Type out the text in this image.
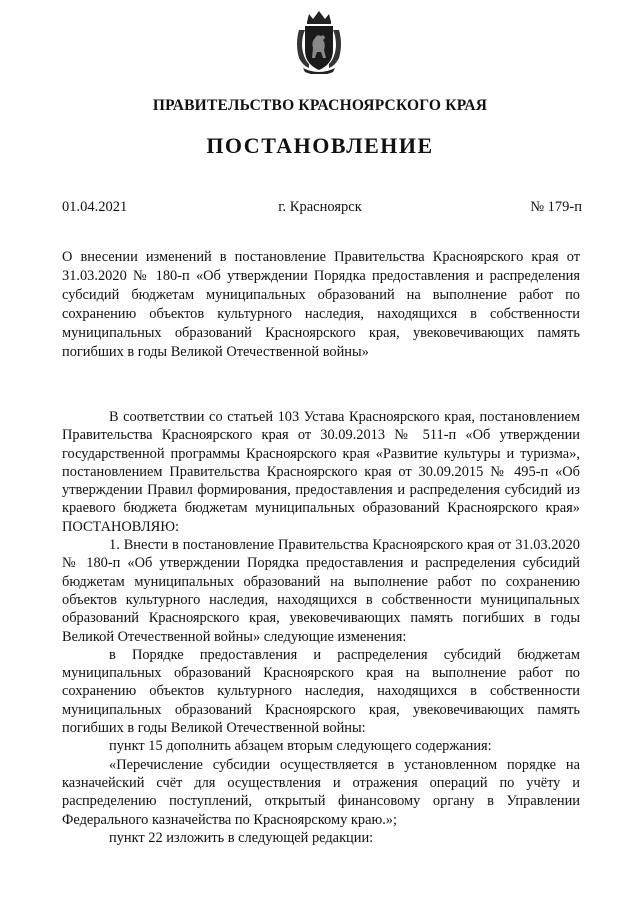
ПРАВИТЕЛЬСТВО КРАСНОЯРСКОГО КРАЯ
ПОСТАНОВЛЕНИЕ
01.04.2021	г. Красноярск	№ 179-п

О внесении изменений в постановление Правительства Красноярского края от 31.03.2020 № 180-п «Об утверждении Порядка предоставления и распределения субсидий бюджетам муниципальных образований на выполнение работ по сохранению объектов культурного наследия, находящихся в собственности муниципальных образований Красноярского края, увековечивающих память погибших в годы Великой Отечественной войны»

В соответствии со статьей 103 Устава Красноярского края, постановлением Правительства Красноярского края от 30.09.2013 № 511-п «Об утверждении государственной программы Красноярского края «Развитие культуры и туризма», постановлением Правительства Красноярского края от 30.09.2015 № 495-п «Об утверждении Правил формирования, предоставления и распределения субсидий из краевого бюджета бюджетам муниципальных образований Красноярского края» ПОСТАНОВЛЯЮ:

1. Внести в постановление Правительства Красноярского края от 31.03.2020 № 180-п «Об утверждении Порядка предоставления и распределения субсидий бюджетам муниципальных образований на выполнение работ по сохранению объектов культурного наследия, находящихся в собственности муниципальных образований Красноярского края, увековечивающих память погибших в годы Великой Отечественной войны» следующие изменения:

в Порядке предоставления и распределения субсидий бюджетам муниципальных образований Красноярского края на выполнение работ по сохранению объектов культурного наследия, находящихся в собственности муниципальных образований Красноярского края, увековечивающих память погибших в годы Великой Отечественной войны:

пункт 15 дополнить абзацем вторым следующего содержания:

«Перечисление субсидии осуществляется в установленном порядке на казначейский счёт для осуществления и отражения операций по учёту и распределению поступлений, открытый финансовому органу в Управлении Федерального казначейства по Красноярскому краю.»;

пункт 22 изложить в следующей редакции:
